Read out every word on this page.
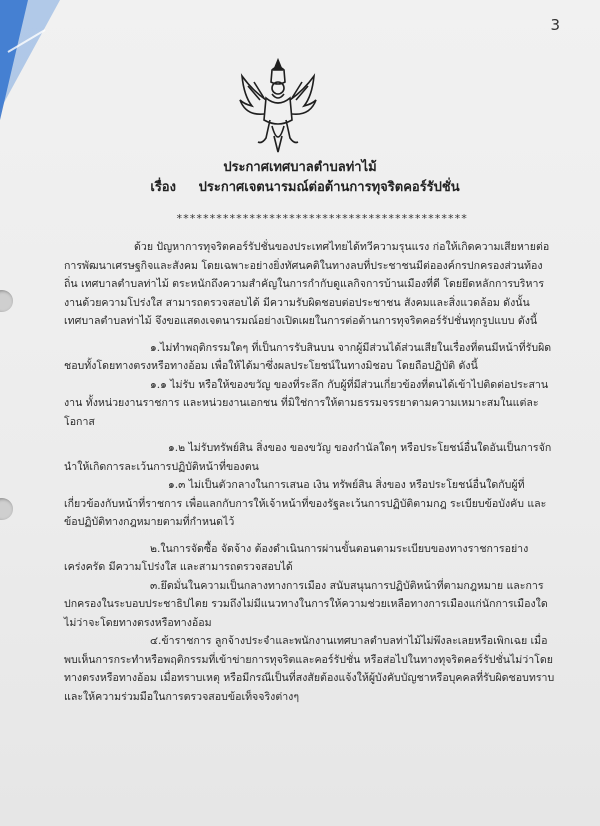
3
ประกาศเทศบาลตำบลท่าไม้
เรื่อง ประกาศเจตนารมณ์ต่อต้านการทุจริตคอร์รัปชั่น
********************************************

ด้วย ปัญหาการทุจริตคอร์รัปชั่นของประเทศไทยได้ทวีความรุนแรง ก่อให้เกิดความเสียหายต่อการพัฒนาเศรษฐกิจและสังคม โดยเฉพาะอย่างยิ่งทัศนคติในทางลบที่ประชาชนมีต่อองค์กรปกครองส่วนท้องถิ่น เทศบาลตำบลท่าไม้ ตระหนักถึงความสำคัญในการกำกับดูแลกิจการบ้านเมืองที่ดี โดยยึดหลักการบริหารงานด้วยความโปร่งใส สามารถตรวจสอบได้ มีความรับผิดชอบต่อประชาชน สังคมและสิ่งแวดล้อม ดังนั้น เทศบาลตำบลท่าไม้ จึงขอแสดงเจตนารมณ์อย่างเปิดเผยในการต่อต้านการทุจริตคอร์รัปชั่นทุกรูปแบบ ดังนี้

๑.ไม่ทำพฤติกรรมใดๆ ที่เป็นการรับสินบน จากผู้มีส่วนได้ส่วนเสียในเรื่องที่ตนมีหน้าที่รับผิดชอบทั้งโดยทางตรงหรือทางอ้อม เพื่อให้ได้มาซึ่งผลประโยชน์ในทางมิชอบ โดยถือปฏิบัติ ดังนี้

๑.๑ ไม่รับ หรือให้ของขวัญ ของที่ระลึก กับผู้ที่มีส่วนเกี่ยวข้องที่ตนได้เข้าไปติดต่อประสานงาน ทั้งหน่วยงานราชการ และหน่วยงานเอกชน ที่มิใช่การให้ตามธรรมจรรยาตามความเหมาะสมในแต่ละโอกาส

๑.๒ ไม่รับทรัพย์สิน สิ่งของ ของขวัญ ของกำนัลใดๆ หรือประโยชน์อื่นใดอันเป็นการจักนำให้เกิดการละเว้นการปฏิบัติหน้าที่ของตน

๑.๓ ไม่เป็นตัวกลางในการเสนอ เงิน ทรัพย์สิน สิ่งของ หรือประโยชน์อื่นใดกับผู้ที่เกี่ยวข้องกับหน้าที่ราชการ เพื่อแลกกับการให้เจ้าหน้าที่ของรัฐละเว้นการปฏิบัติตามกฎ ระเบียบข้อบังคับ และข้อปฏิบัติทางกฎหมายตามที่กำหนดไว้

๒.ในการจัดซื้อ จัดจ้าง ต้องดำเนินการผ่านขั้นตอนตามระเบียบของทางราชการอย่างเคร่งครัด มีความโปร่งใส และสามารถตรวจสอบได้

๓.ยึดมั่นในความเป็นกลางทางการเมือง สนับสนุนการปฏิบัติหน้าที่ตามกฎหมาย และการปกครองในระบอบประชาธิปไตย รวมถึงไม่มีแนวทางในการให้ความช่วยเหลือทางการเมืองแก่นักการเมืองใด ไม่ว่าจะโดยทางตรงหรือทางอ้อม

๔.ข้าราชการ ลูกจ้างประจำและพนักงานเทศบาลตำบลท่าไม้ไม่พึงละเลยหรือเพิกเฉย เมื่อพบเห็นการกระทำหรือพฤติกรรมที่เข้าข่ายการทุจริตและคอร์รัปชั่น หรือส่อไปในทางทุจริตคอร์รัปชั่นไม่ว่าโดยทางตรงหรือทางอ้อม เมื่อทราบเหตุ หรือมีกรณีเป็นที่สงสัยต้องแจ้งให้ผู้บังคับบัญชาหรือบุคคลที่รับผิดชอบทราบ และให้ความร่วมมือในการตรวจสอบข้อเท็จจริงต่างๆ
